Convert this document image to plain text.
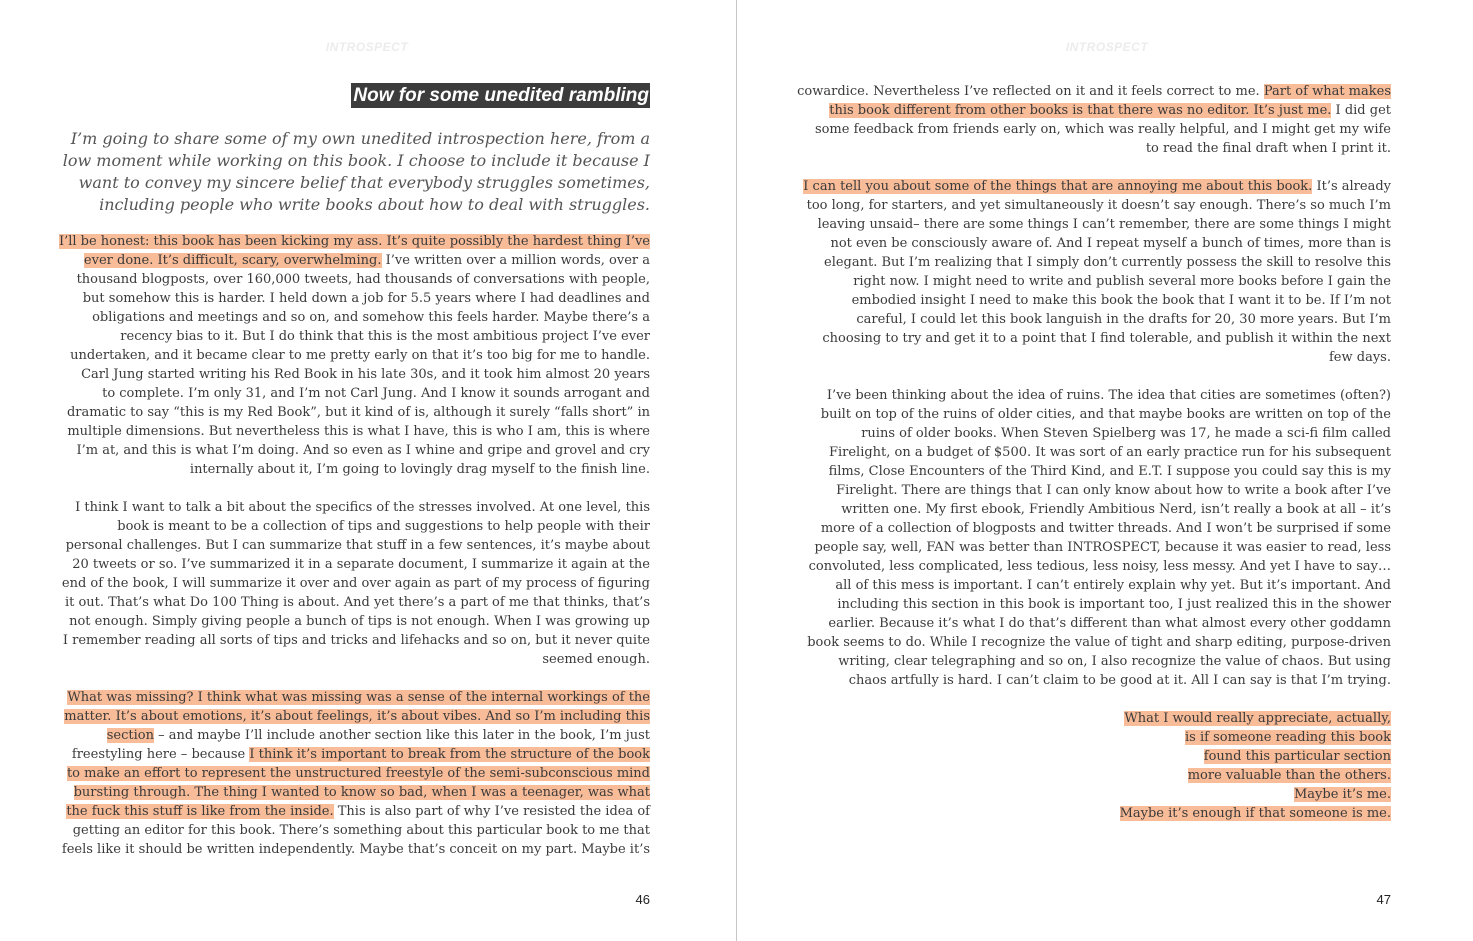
INTROSPECT
Now for some unedited rambling
I’m going to share some of my own unedited introspection here, from a
low moment while working on this book. I choose to include it because I
want to convey my sincere belief that everybody struggles sometimes,
including people who write books about how to deal with struggles.
I’ll be honest: this book has been kicking my ass. It’s quite possibly the hardest thing I’ve
ever done. It’s difficult, scary, overwhelming. I’ve written over a million words, over a
thousand blogposts, over 160,000 tweets, had thousands of conversations with people,
but somehow this is harder. I held down a job for 5.5 years where I had deadlines and
obligations and meetings and so on, and somehow this feels harder. Maybe there’s a
recency bias to it. But I do think that this is the most ambitious project I’ve ever
undertaken, and it became clear to me pretty early on that it’s too big for me to handle.
Carl Jung started writing his Red Book in his late 30s, and it took him almost 20 years
to complete. I’m only 31, and I’m not Carl Jung. And I know it sounds arrogant and
dramatic to say “this is my Red Book”, but it kind of is, although it surely “falls short” in
multiple dimensions. But nevertheless this is what I have, this is who I am, this is where
I’m at, and this is what I’m doing. And so even as I whine and gripe and grovel and cry
internally about it, I’m going to lovingly drag myself to the finish line.
I think I want to talk a bit about the specifics of the stresses involved. At one level, this
book is meant to be a collection of tips and suggestions to help people with their
personal challenges. But I can summarize that stuff in a few sentences, it’s maybe about
20 tweets or so. I’ve summarized it in a separate document, I summarize it again at the
end of the book, I will summarize it over and over again as part of my process of figuring
it out. That’s what Do 100 Thing is about. And yet there’s a part of me that thinks, that’s
not enough. Simply giving people a bunch of tips is not enough. When I was growing up
I remember reading all sorts of tips and tricks and lifehacks and so on, but it never quite
seemed enough.
What was missing? I think what was missing was a sense of the internal workings of the
matter. It’s about emotions, it’s about feelings, it’s about vibes. And so I’m including this
section – and maybe I’ll include another section like this later in the book, I’m just
freestyling here – because I think it’s important to break from the structure of the book
to make an effort to represent the unstructured freestyle of the semi-subconscious mind
bursting through. The thing I wanted to know so bad, when I was a teenager, was what
the fuck this stuff is like from the inside. This is also part of why I’ve resisted the idea of
getting an editor for this book. There’s something about this particular book to me that
feels like it should be written independently. Maybe that’s conceit on my part. Maybe it’s
46
INTROSPECT
cowardice. Nevertheless I’ve reflected on it and it feels correct to me. Part of what makes
this book different from other books is that there was no editor. It’s just me. I did get
some feedback from friends early on, which was really helpful, and I might get my wife
to read the final draft when I print it.
I can tell you about some of the things that are annoying me about this book. It’s already
too long, for starters, and yet simultaneously it doesn’t say enough. There’s so much I’m
leaving unsaid– there are some things I can’t remember, there are some things I might
not even be consciously aware of. And I repeat myself a bunch of times, more than is
elegant. But I’m realizing that I simply don’t currently possess the skill to resolve this
right now. I might need to write and publish several more books before I gain the
embodied insight I need to make this book the book that I want it to be. If I’m not
careful, I could let this book languish in the drafts for 20, 30 more years. But I’m
choosing to try and get it to a point that I find tolerable, and publish it within the next
few days.
I’ve been thinking about the idea of ruins. The idea that cities are sometimes (often?)
built on top of the ruins of older cities, and that maybe books are written on top of the
ruins of older books. When Steven Spielberg was 17, he made a sci-fi film called
Firelight, on a budget of $500. It was sort of an early practice run for his subsequent
films, Close Encounters of the Third Kind, and E.T. I suppose you could say this is my
Firelight. There are things that I can only know about how to write a book after I’ve
written one. My first ebook, Friendly Ambitious Nerd, isn’t really a book at all – it’s
more of a collection of blogposts and twitter threads. And I won’t be surprised if some
people say, well, FAN was better than INTROSPECT, because it was easier to read, less
convoluted, less complicated, less tedious, less noisy, less messy. And yet I have to say…
all of this mess is important. I can’t entirely explain why yet. But it’s important. And
including this section in this book is important too, I just realized this in the shower
earlier. Because it’s what I do that’s different than what almost every other goddamn
book seems to do. While I recognize the value of tight and sharp editing, purpose-driven
writing, clear telegraphing and so on, I also recognize the value of chaos. But using
chaos artfully is hard. I can’t claim to be good at it. All I can say is that I’m trying.
What I would really appreciate, actually,
is if someone reading this book
found this particular section
more valuable than the others.
Maybe it’s me.
Maybe it’s enough if that someone is me.
47
